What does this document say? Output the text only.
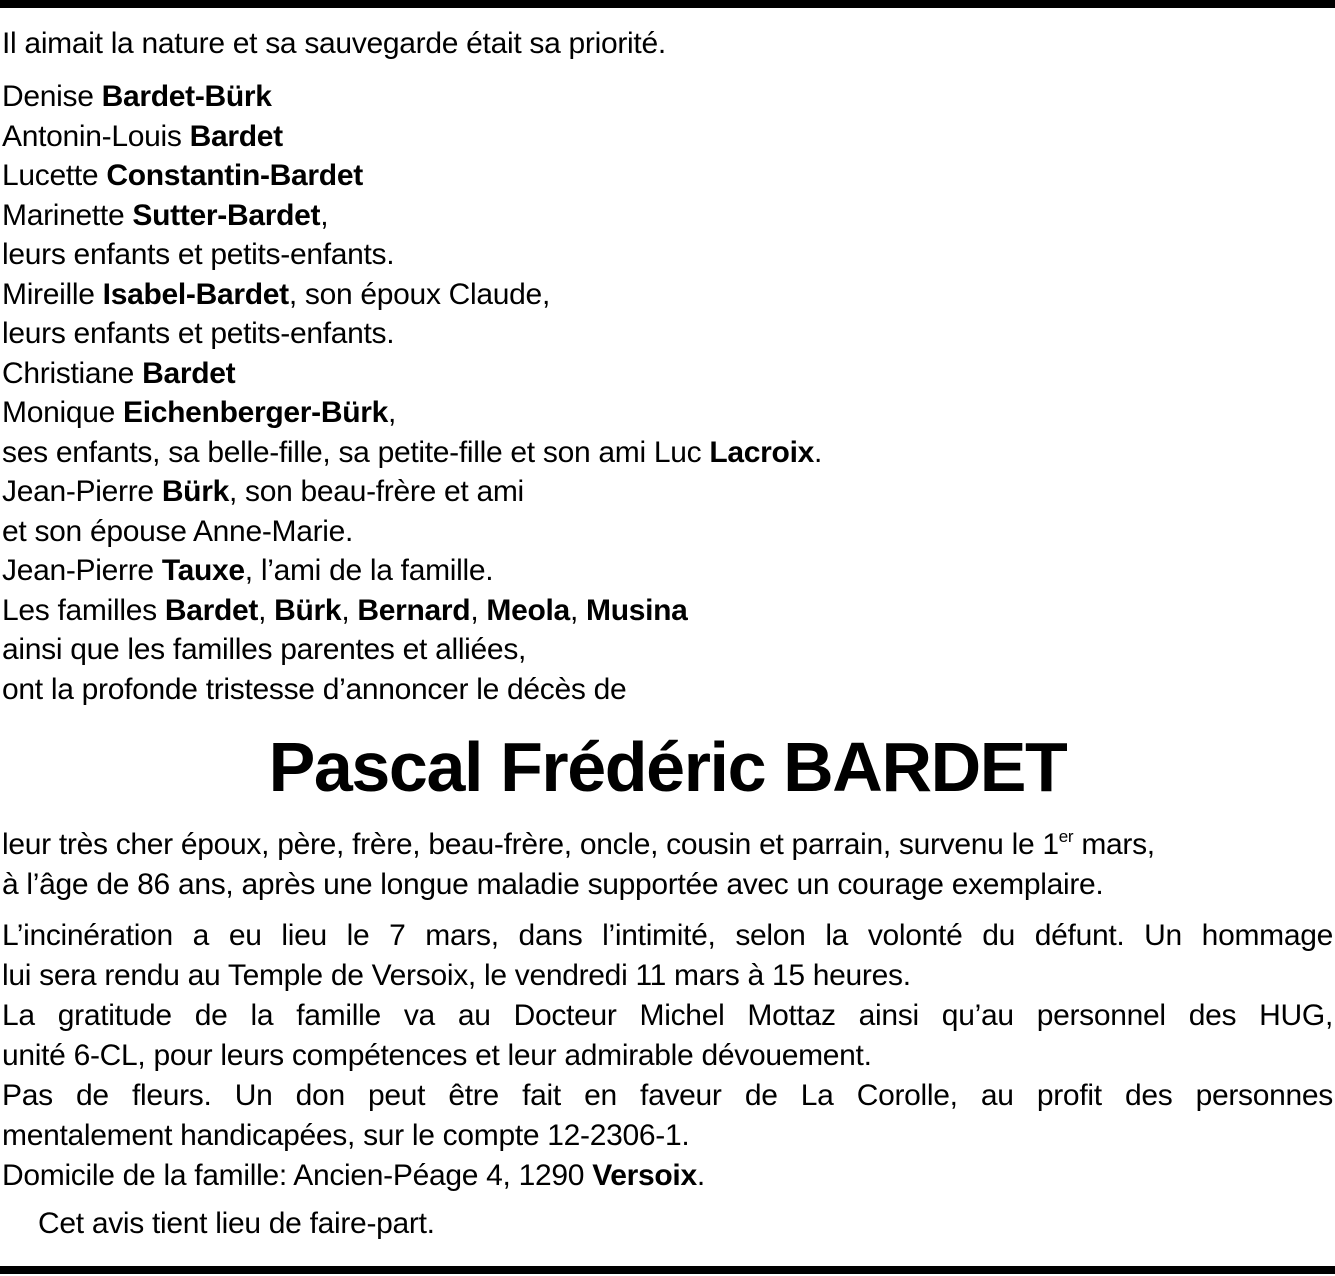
Il aimait la nature et sa sauvegarde était sa priorité.
Denise Bardet-Bürk
Antonin-Louis Bardet
Lucette Constantin-Bardet
Marinette Sutter-Bardet,
leurs enfants et petits-enfants.
Mireille Isabel-Bardet, son époux Claude,
leurs enfants et petits-enfants.
Christiane Bardet
Monique Eichenberger-Bürk,
ses enfants, sa belle-fille, sa petite-fille et son ami Luc Lacroix.
Jean-Pierre Bürk, son beau-frère et ami
et son épouse Anne-Marie.
Jean-Pierre Tauxe, l’ami de la famille.
Les familles Bardet, Bürk, Bernard, Meola, Musina
ainsi que les familles parentes et alliées,
ont la profonde tristesse d’annoncer le décès de
Pascal Frédéric BARDET
leur très cher époux, père, frère, beau-frère, oncle, cousin et parrain, survenu le 1er mars,
à l’âge de 86 ans, après une longue maladie supportée avec un courage exemplaire.
L’incinération a eu lieu le 7 mars, dans l’intimité, selon la volonté du défunt. Un hommage
lui sera rendu au Temple de Versoix, le vendredi 11 mars à 15 heures.
La gratitude de la famille va au Docteur Michel Mottaz ainsi qu’au personnel des HUG,
unité 6-CL, pour leurs compétences et leur admirable dévouement.
Pas de fleurs. Un don peut être fait en faveur de La Corolle, au profit des personnes
mentalement handicapées, sur le compte 12-2306-1.
Domicile de la famille: Ancien-Péage 4, 1290 Versoix.
Cet avis tient lieu de faire-part.
